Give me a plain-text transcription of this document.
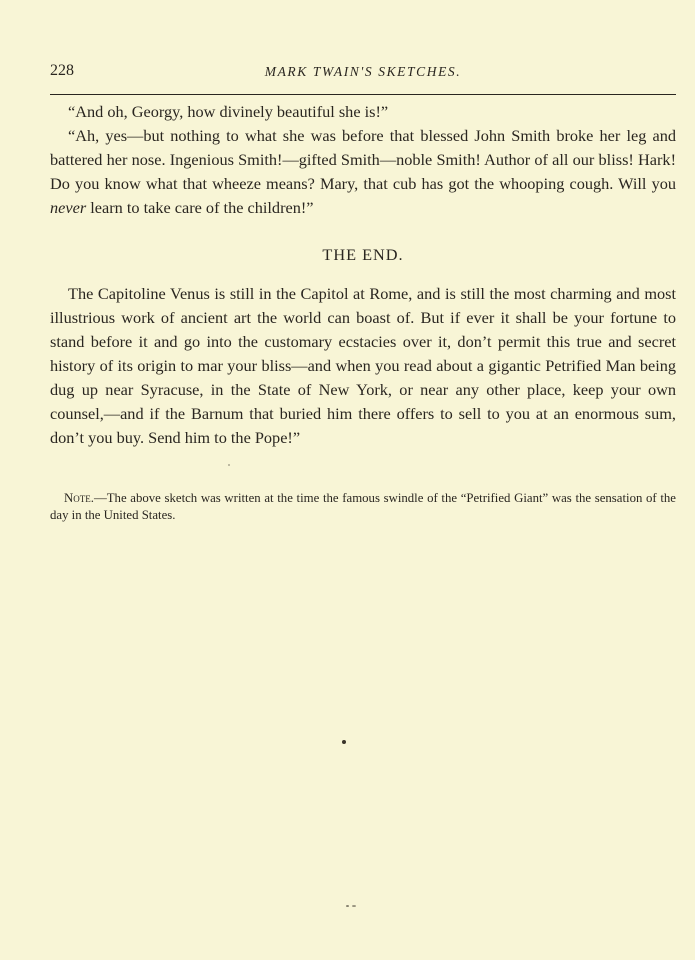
228	MARK TWAIN'S SKETCHES.

“And oh, Georgy, how divinely beautiful she is!”

“Ah, yes—but nothing to what she was before that blessed John Smith broke her leg and battered her nose. Ingenious Smith!—gifted Smith—noble Smith! Author of all our bliss! Hark! Do you know what that wheeze means? Mary, that cub has got the whooping cough. Will you never learn to take care of the children!”

THE END.

The Capitoline Venus is still in the Capitol at Rome, and is still the most charming and most illustrious work of ancient art the world can boast of. But if ever it shall be your fortune to stand before it and go into the customary ecstacies over it, don’t permit this true and secret history of its origin to mar your bliss—and when you read about a gigantic Petrified Man being dug up near Syracuse, in the State of New York, or near any other place, keep your own counsel,—and if the Barnum that buried him there offers to sell to you at an enormous sum, don’t you buy. Send him to the Pope!”

Note.—The above sketch was written at the time the famous swindle of the “Petrified Giant” was the sensation of the day in the United States.
